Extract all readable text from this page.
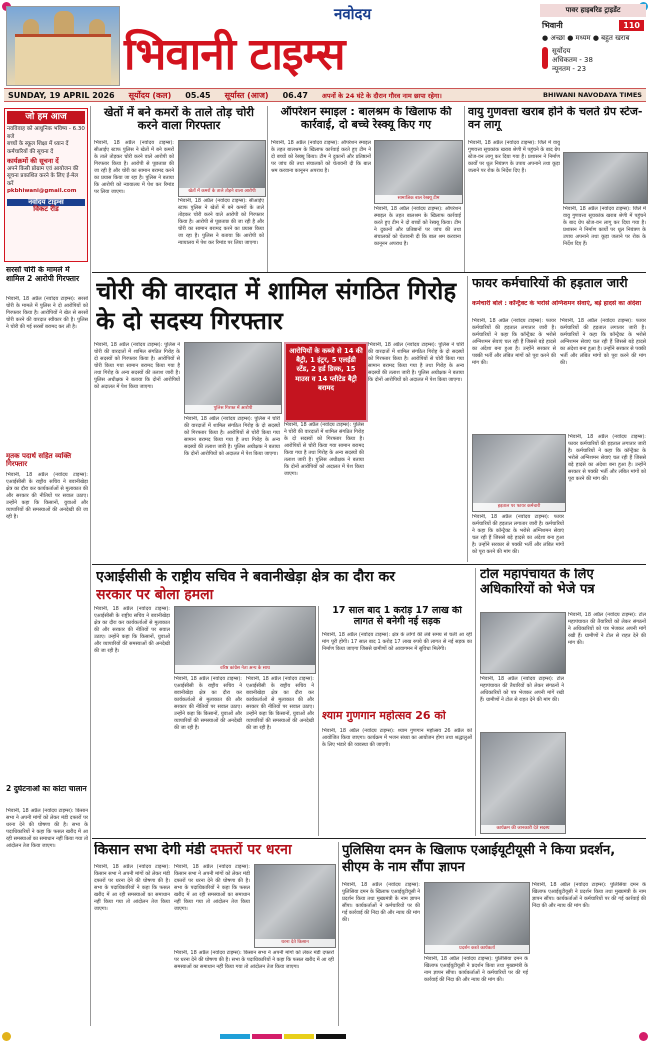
नवोदय
भिवानी टाइम्स
पावर हाइबरिड ट्राइडेंट
भिवानी	110
● अच्छा ● मध्यम ● बहुत खराब
सूर्योदय
अधिकतम - 38
न्यूनतम - 23
SUNDAY, 19 APRIL 2026 सूर्योदय (कल) 05.45 सूर्यास्त (आज) 06.47 अपनों के 24 घंटे के दौरान गौरव नाम छापा रहेगा।	BHIWANI NAVODAYA TIMES
जो हम आज
नवविवाह को आधुनिक भविष्य - 6.30 बजे
बच्चों के स्कूल शिक्षा में ध्यान दें
कर्मचारियों की सूचना दें
कार्यक्रमों की सूचना दें
अपने किसी प्रोग्राम एवं आयोजन की सूचना प्रकाशित करने के लिए ई-मेल करें
pkbhiwani@gmail.com
नवोदय टाइम्स
विकट रीड
सरसों चोरी के मामले में शामिल 2 आरोपी गिरफ्तार
भिवानी, 18 अप्रैल (नवोदय टाइम्स): सरसों चोरी के मामले में पुलिस ने दो आरोपियों को गिरफ्तार किया है। आरोपियों ने खेत से सरसों चोरी करने की वारदात स्वीकार की है। पुलिस ने चोरी की गई सरसों बरामद कर ली है।
मृतक पदार्थ सहित व्यक्ति गिरफ्तार
भिवानी, 18 अप्रैल (नवोदय टाइम्स): एआईसीसी के राष्ट्रीय सचिव ने बवानीखेड़ा क्षेत्र का दौरा कर कार्यकर्ताओं से मुलाकात की और सरकार की नीतियों पर सवाल उठाए। उन्होंने कहा कि किसानों, युवाओं और व्यापारियों की समस्याओं की अनदेखी की जा रही है।
2 दुर्घटनाओं का कांटा चालान
भिवानी, 18 अप्रैल (नवोदय टाइम्स): किसान सभा ने अपनी मांगों को लेकर मंडी दफ्तरों पर धरना देने की घोषणा की है। सभा के पदाधिकारियों ने कहा कि फसल खरीद में आ रही समस्याओं का समाधान नहीं किया गया तो आंदोलन तेज किया जाएगा।
खेतों में बने कमरों के ताले तोड़ चोरी करने वाला गिरफ्तार
भिवानी, 18 अप्रैल (नवोदय टाइम्स): सीआईए स्टाफ पुलिस ने खेतों में बने कमरों के ताले तोड़कर चोरी करने वाले आरोपी को गिरफ्तार किया है। आरोपी से पूछताछ की जा रही है और चोरी का सामान बरामद करने का प्रयास किया जा रहा है। पुलिस ने बताया कि आरोपी को न्यायालय में पेश कर रिमांड पर लिया जाएगा।	खेतों में कमरों के ताले तोड़ने वाला आरोपी
भिवानी, 18 अप्रैल (नवोदय टाइम्स): सीआईए स्टाफ पुलिस ने खेतों में बने कमरों के ताले तोड़कर चोरी करने वाले आरोपी को गिरफ्तार किया है। आरोपी से पूछताछ की जा रही है और चोरी का सामान बरामद करने का प्रयास किया जा रहा है। पुलिस ने बताया कि आरोपी को न्यायालय में पेश कर रिमांड पर लिया जाएगा।
ऑपरेशन स्माइल : बालश्रम के खिलाफ की कार्रवाई, दो बच्चे रेस्क्यू किए गए
भिवानी, 18 अप्रैल (नवोदय टाइम्स): ऑपरेशन स्माइल के तहत बालश्रम के खिलाफ कार्रवाई करते हुए टीम ने दो बच्चों को रेस्क्यू किया। टीम ने दुकानों और प्रतिष्ठानों पर जांच की तथा संचालकों को चेतावनी दी कि बाल श्रम करवाना कानूनन अपराध है।
सामाजिक बाल रेस्क्यू टीम
भिवानी, 18 अप्रैल (नवोदय टाइम्स): ऑपरेशन स्माइल के तहत बालश्रम के खिलाफ कार्रवाई करते हुए टीम ने दो बच्चों को रेस्क्यू किया। टीम ने दुकानों और प्रतिष्ठानों पर जांच की तथा संचालकों को चेतावनी दी कि बाल श्रम करवाना कानूनन अपराध है।
वायु गुणवत्ता खराब होने के चलते ग्रेप स्टेज-वन लागू
भिवानी, 18 अप्रैल (नवोदय टाइम्स): जिले में वायु गुणवत्ता सूचकांक खराब श्रेणी में पहुंचने के बाद ग्रेप स्टेज-वन लागू कर दिया गया है। प्रशासन ने निर्माण कार्यों पर धूल नियंत्रण के उपाय अपनाने तथा कूड़ा जलाने पर रोक के निर्देश दिए हैं।
भिवानी, 18 अप्रैल (नवोदय टाइम्स): जिले में वायु गुणवत्ता सूचकांक खराब श्रेणी में पहुंचने के बाद ग्रेप स्टेज-वन लागू कर दिया गया है। प्रशासन ने निर्माण कार्यों पर धूल नियंत्रण के उपाय अपनाने तथा कूड़ा जलाने पर रोक के निर्देश दिए हैं।
चोरी की वारदात में शामिल संगठित गिरोह के दो सदस्य गिरफ्तार
भिवानी, 18 अप्रैल (नवोदय टाइम्स): पुलिस ने चोरी की वारदातों में शामिल संगठित गिरोह के दो सदस्यों को गिरफ्तार किया है। आरोपियों से चोरी किया गया सामान बरामद किया गया है तथा गिरोह के अन्य सदस्यों की तलाश जारी है। पुलिस अधीक्षक ने बताया कि दोनों आरोपियों को अदालत में पेश किया जाएगा।
पुलिस गिरफ्त में आरोपी
भिवानी, 18 अप्रैल (नवोदय टाइम्स): पुलिस ने चोरी की वारदातों में शामिल संगठित गिरोह के दो सदस्यों को गिरफ्तार किया है। आरोपियों से चोरी किया गया सामान बरामद किया गया है तथा गिरोह के अन्य सदस्यों की तलाश जारी है। पुलिस अधीक्षक ने बताया कि दोनों आरोपियों को अदालत में पेश किया जाएगा।
आरोपियों के कब्जे से 14 की बैट्री, 1 इंट्रर, 5 एलईडी स्टेंड, 2 हर्ड डिस्क, 15 माउस व 14 प्लीटेड बैट्री बरामद
भिवानी, 18 अप्रैल (नवोदय टाइम्स): पुलिस ने चोरी की वारदातों में शामिल संगठित गिरोह के दो सदस्यों को गिरफ्तार किया है। आरोपियों से चोरी किया गया सामान बरामद किया गया है तथा गिरोह के अन्य सदस्यों की तलाश जारी है। पुलिस अधीक्षक ने बताया कि दोनों आरोपियों को अदालत में पेश किया जाएगा।
भिवानी, 18 अप्रैल (नवोदय टाइम्स): पुलिस ने चोरी की वारदातों में शामिल संगठित गिरोह के दो सदस्यों को गिरफ्तार किया है। आरोपियों से चोरी किया गया सामान बरामद किया गया है तथा गिरोह के अन्य सदस्यों की तलाश जारी है। पुलिस अधीक्षक ने बताया कि दोनों आरोपियों को अदालत में पेश किया जाएगा।
फायर कर्मचारियों की हड़ताल जारी
कर्मचारी बोले : कॉन्ट्रैक्ट के भरोसे अग्निशमन सेवाएं, बड़े हादसे का अंदेशा
भिवानी, 18 अप्रैल (नवोदय टाइम्स): फायर कर्मचारियों की हड़ताल लगातार जारी है। कर्मचारियों ने कहा कि कॉन्ट्रैक्ट के भरोसे अग्निशमन सेवाएं चल रही हैं जिससे बड़े हादसे का अंदेशा बना हुआ है। उन्होंने सरकार से पक्की भर्ती और लंबित मांगों को पूरा करने की मांग की।
भिवानी, 18 अप्रैल (नवोदय टाइम्स): फायर कर्मचारियों की हड़ताल लगातार जारी है। कर्मचारियों ने कहा कि कॉन्ट्रैक्ट के भरोसे अग्निशमन सेवाएं चल रही हैं जिससे बड़े हादसे का अंदेशा बना हुआ है। उन्होंने सरकार से पक्की भर्ती और लंबित मांगों को पूरा करने की मांग की।
हड़ताल पर फायर कर्मचारी
भिवानी, 18 अप्रैल (नवोदय टाइम्स): फायर कर्मचारियों की हड़ताल लगातार जारी है। कर्मचारियों ने कहा कि कॉन्ट्रैक्ट के भरोसे अग्निशमन सेवाएं चल रही हैं जिससे बड़े हादसे का अंदेशा बना हुआ है। उन्होंने सरकार से पक्की भर्ती और लंबित मांगों को पूरा करने की मांग की।
भिवानी, 18 अप्रैल (नवोदय टाइम्स): फायर कर्मचारियों की हड़ताल लगातार जारी है। कर्मचारियों ने कहा कि कॉन्ट्रैक्ट के भरोसे अग्निशमन सेवाएं चल रही हैं जिससे बड़े हादसे का अंदेशा बना हुआ है। उन्होंने सरकार से पक्की भर्ती और लंबित मांगों को पूरा करने की मांग की।
एआईसीसी के राष्ट्रीय सचिव ने बवानीखेड़ा क्षेत्र का दौरा कर सरकार पर बोला हमला
भिवानी, 18 अप्रैल (नवोदय टाइम्स): एआईसीसी के राष्ट्रीय सचिव ने बवानीखेड़ा क्षेत्र का दौरा कर कार्यकर्ताओं से मुलाकात की और सरकार की नीतियों पर सवाल उठाए। उन्होंने कहा कि किसानों, युवाओं और व्यापारियों की समस्याओं की अनदेखी की जा रही है।
वरिष्ठ कांग्रेस नेता अन्य के साथ
भिवानी, 18 अप्रैल (नवोदय टाइम्स): एआईसीसी के राष्ट्रीय सचिव ने बवानीखेड़ा क्षेत्र का दौरा कर कार्यकर्ताओं से मुलाकात की और सरकार की नीतियों पर सवाल उठाए। उन्होंने कहा कि किसानों, युवाओं और व्यापारियों की समस्याओं की अनदेखी की जा रही है।
भिवानी, 18 अप्रैल (नवोदय टाइम्स): एआईसीसी के राष्ट्रीय सचिव ने बवानीखेड़ा क्षेत्र का दौरा कर कार्यकर्ताओं से मुलाकात की और सरकार की नीतियों पर सवाल उठाए। उन्होंने कहा कि किसानों, युवाओं और व्यापारियों की समस्याओं की अनदेखी की जा रही है।
17 साल बाद 1 करोड़ 17 लाख की लागत से बनेगी नई सड़क
भिवानी, 18 अप्रैल (नवोदय टाइम्स): क्षेत्र के लोगों की लंबे समय से चली आ रही मांग पूरी होगी। 17 साल बाद 1 करोड़ 17 लाख रुपये की लागत से नई सड़क का निर्माण किया जाएगा जिससे ग्रामीणों को आवागमन में सुविधा मिलेगी।
श्याम गुणगान महोत्सव 26 को
भिवानी, 18 अप्रैल (नवोदय टाइम्स): श्याम गुणगान महोत्सव 26 अप्रैल को आयोजित किया जाएगा। कार्यक्रम में भजन संध्या का आयोजन होगा तथा श्रद्धालुओं के लिए भंडारे की व्यवस्था की जाएगी।
टोल महापंचायत के लिए अधिकारियों को भेजे पत्र
भिवानी, 18 अप्रैल (नवोदय टाइम्स): टोल महापंचायत की तैयारियों को लेकर संगठनों ने अधिकारियों को पत्र भेजकर अपनी मांगें रखी हैं। ग्रामीणों ने टोल से राहत देने की मांग की।
भिवानी, 18 अप्रैल (नवोदय टाइम्स): टोल महापंचायत की तैयारियों को लेकर संगठनों ने अधिकारियों को पत्र भेजकर अपनी मांगें रखी हैं। ग्रामीणों ने टोल से राहत देने की मांग की।
कार्यक्रम की जानकारी देते सदस्य
किसान सभा देगी मंडी दफ्तरों पर धरना
भिवानी, 18 अप्रैल (नवोदय टाइम्स): किसान सभा ने अपनी मांगों को लेकर मंडी दफ्तरों पर धरना देने की घोषणा की है। सभा के पदाधिकारियों ने कहा कि फसल खरीद में आ रही समस्याओं का समाधान नहीं किया गया तो आंदोलन तेज किया जाएगा।
भिवानी, 18 अप्रैल (नवोदय टाइम्स): किसान सभा ने अपनी मांगों को लेकर मंडी दफ्तरों पर धरना देने की घोषणा की है। सभा के पदाधिकारियों ने कहा कि फसल खरीद में आ रही समस्याओं का समाधान नहीं किया गया तो आंदोलन तेज किया जाएगा।
धरना देते किसान
भिवानी, 18 अप्रैल (नवोदय टाइम्स): किसान सभा ने अपनी मांगों को लेकर मंडी दफ्तरों पर धरना देने की घोषणा की है। सभा के पदाधिकारियों ने कहा कि फसल खरीद में आ रही समस्याओं का समाधान नहीं किया गया तो आंदोलन तेज किया जाएगा।
पुलिसिया दमन के खिलाफ एआईयूटीयूसी ने किया प्रदर्शन, सीएम के नाम सौंपा ज्ञापन
भिवानी, 18 अप्रैल (नवोदय टाइम्स): पुलिसिया दमन के खिलाफ एआईयूटीयूसी ने प्रदर्शन किया तथा मुख्यमंत्री के नाम ज्ञापन सौंपा। कार्यकर्ताओं ने कर्मचारियों पर की गई कार्रवाई की निंदा की और न्याय की मांग की।
प्रदर्शन करते कार्यकर्ता
भिवानी, 18 अप्रैल (नवोदय टाइम्स): पुलिसिया दमन के खिलाफ एआईयूटीयूसी ने प्रदर्शन किया तथा मुख्यमंत्री के नाम ज्ञापन सौंपा। कार्यकर्ताओं ने कर्मचारियों पर की गई कार्रवाई की निंदा की और न्याय की मांग की।
भिवानी, 18 अप्रैल (नवोदय टाइम्स): पुलिसिया दमन के खिलाफ एआईयूटीयूसी ने प्रदर्शन किया तथा मुख्यमंत्री के नाम ज्ञापन सौंपा। कार्यकर्ताओं ने कर्मचारियों पर की गई कार्रवाई की निंदा की और न्याय की मांग की।
